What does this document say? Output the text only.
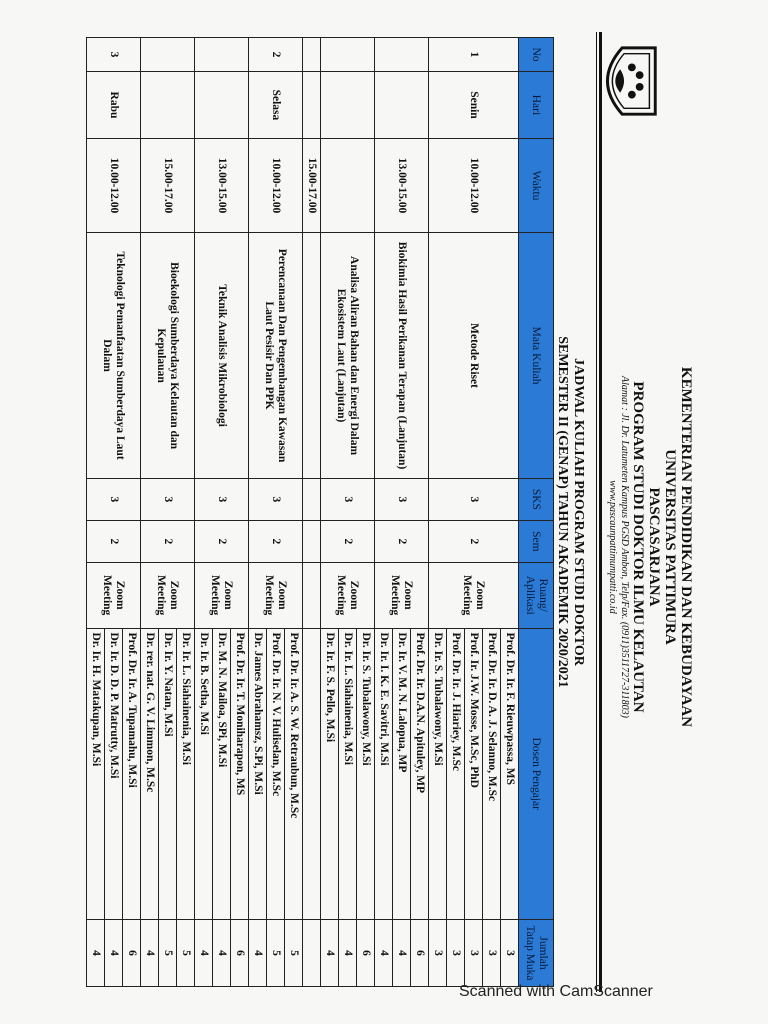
KEMENTERIAN PENDIDIKAN DAN KEBUDAYAAN
UNIVERSITAS PATTIMURA
PASCASARJANA
PROGRAM STUDI DOKTOR ILMU KELAUTAN
Alamat : Jl. Dr. Latumeten Kampus PGSD Ambon, Telp/Fax. (0911)3511727-311803)
www.pascaunpattimumpatti.co.id
JADWAL KULIAH PROGRAM STUDI DOKTOR
SEMESTER II (GENAP) TAHUN AKADEMIK 2020/2021
No	Hari	Waktu	Mata Kuliah	SKS	Sem	Ruang/ Aplikasi	Dosen Pengajar	Jumlah Tatap Muka
1	Senin	10.00-12.00	Metode Riset	3	2	Zoom Meeting	Prof. Dr. Ir. F. Rieuwpassa, MS	3
							Prof. Dr. Ir. D. A. J. Selanno, M.Sc	3
							Prof. Ir. J.W. Mosse, M.Sc, PhD	3
							Prof. Dr. Ir. J. Hiariey, M.Sc	3
							Dr. Ir. S. Tubalawony, M.Si	3
		13.00-15.00	Biokimia Hasil Perikanan Terapan (Lanjutan)	3	2	Zoom Meeting	Prof. Dr. Ir. D.A.N. Apituley, MP	6
							Dr. Ir. V. M. N. Lalopua, MP	4
							Dr. Ir. I. K. E. Savitri, M.Si	4
			Analisa Aliran Bahan dan Energi Dalam Ekosistem Laut (Lanjutan)	3	2	Zoom Meeting	Dr. Ir. S. Tubalawony, M.Si	6
							Dr. Ir. L. Siahainenia, M.Si	4
							Dr. Ir. F. S. Pello, M.Si	4
		15.00-17.00						
2	Selasa	10.00-12.00	Perencanaan Dan Pengembangan Kawasan Laut Pesisir Dan PPK	3	2	Zoom Meeting	Prof. Dr. Ir. A. S. W. Retraubun, M.Sc	5
							Prof. Dr. Ir. N. V. Huliselan, M.Sc	5
							Dr. James Abrahamsz, S.Pi, M.Si	4
		13.00-15.00	Teknik Analisis Mikrobiologi	3	2	Zoom Meeting	Prof. Dr. Ir. T. Moniharapon, MS	6
							Dr. M. N. Mailoa, SPi, M.Si	4
							Dr. Ir. B. Setha, M.Si	4
		15.00-17.00	Bioekologi Sumberdaya Kelautan dan Kepulauan	3	2	Zoom Meeting	Dr. Ir. L. Siahainenia, M.Si	5
							Dr. Ir. Y. Natan, M.Si	5
							Dr. rer. nat. G. V. Limmon, M.Sc	4
3	Rabu	10.00-12.00	Teknologi Pemanfaatan Sumberdaya Laut Dalam	3	2	Zoom Meeting	Prof. Dr. Ir. A. Tupamahu, M.Si	6
							Dr. Ir. D. D. P. Matrutty, M.Si	4
							Dr. Ir. H. Matakupan, M.Si	4
Scanned with CamScanner
